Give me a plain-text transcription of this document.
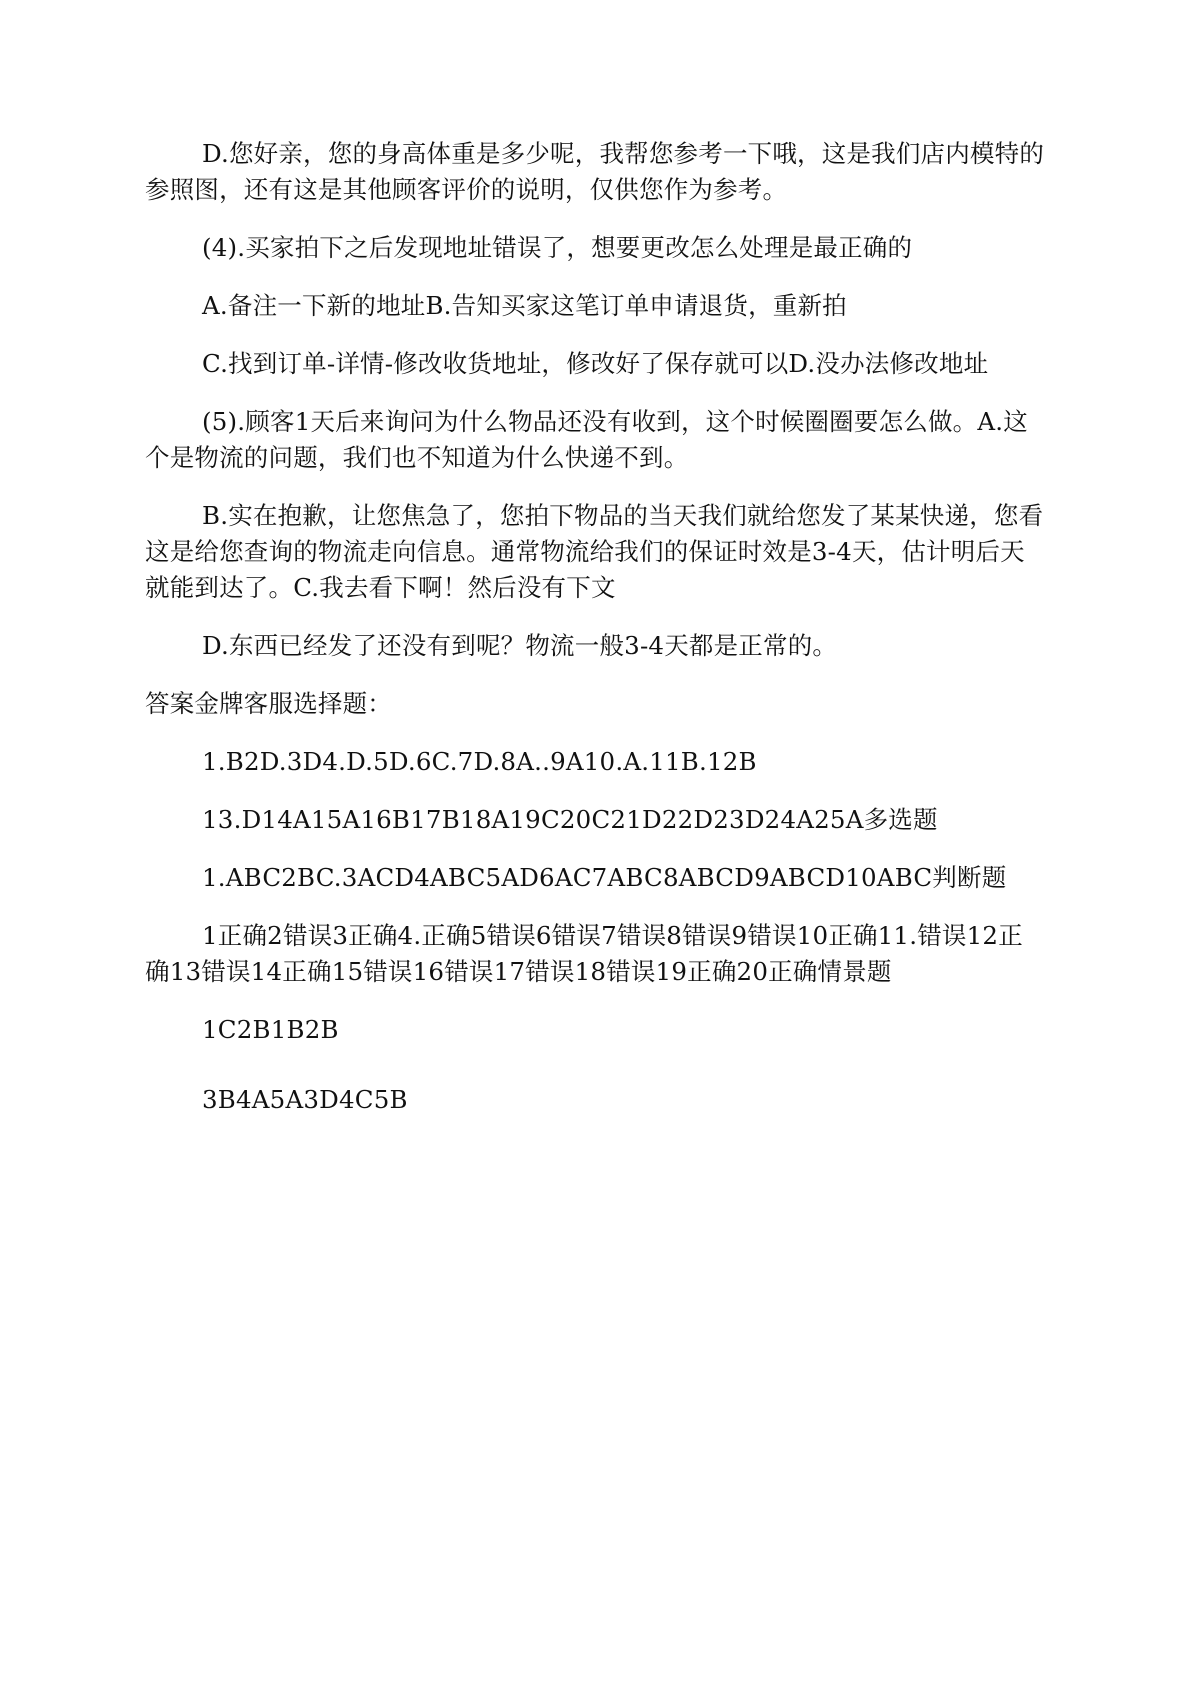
D.您好亲，您的身高体重是多少呢，我帮您参考一下哦，这是我们店内模特的参照图，还有这是其他顾客评价的说明，仅供您作为参考。

(4).买家拍下之后发现地址错误了，想要更改怎么处理是最正确的

A.备注一下新的地址B.告知买家这笔订单申请退货，重新拍

C.找到订单-详情-修改收货地址，修改好了保存就可以D.没办法修改地址

(5).顾客1天后来询问为什么物品还没有收到，这个时候圈圈要怎么做。A.这个是物流的问题，我们也不知道为什么快递不到。

B.实在抱歉，让您焦急了，您拍下物品的当天我们就给您发了某某快递，您看这是给您查询的物流走向信息。通常物流给我们的保证时效是3-4天，估计明后天就能到达了。C.我去看下啊！然后没有下文

D.东西已经发了还没有到呢？物流一般3-4天都是正常的。

答案金牌客服选择题：

1.B2D.3D4.D.5D.6C.7D.8A..9A10.A.11B.12B

13.D14A15A16B17B18A19C20C21D22D23D24A25A多选题

1.ABC2BC.3ACD4ABC5AD6AC7ABC8ABCD9ABCD10ABC判断题

1正确2错误3正确4.正确5错误6错误7错误8错误9错误10正确11.错误12正确13错误14正确15错误16错误17错误18错误19正确20正确情景题

1C2B1B2B

3B4A5A3D4C5B
